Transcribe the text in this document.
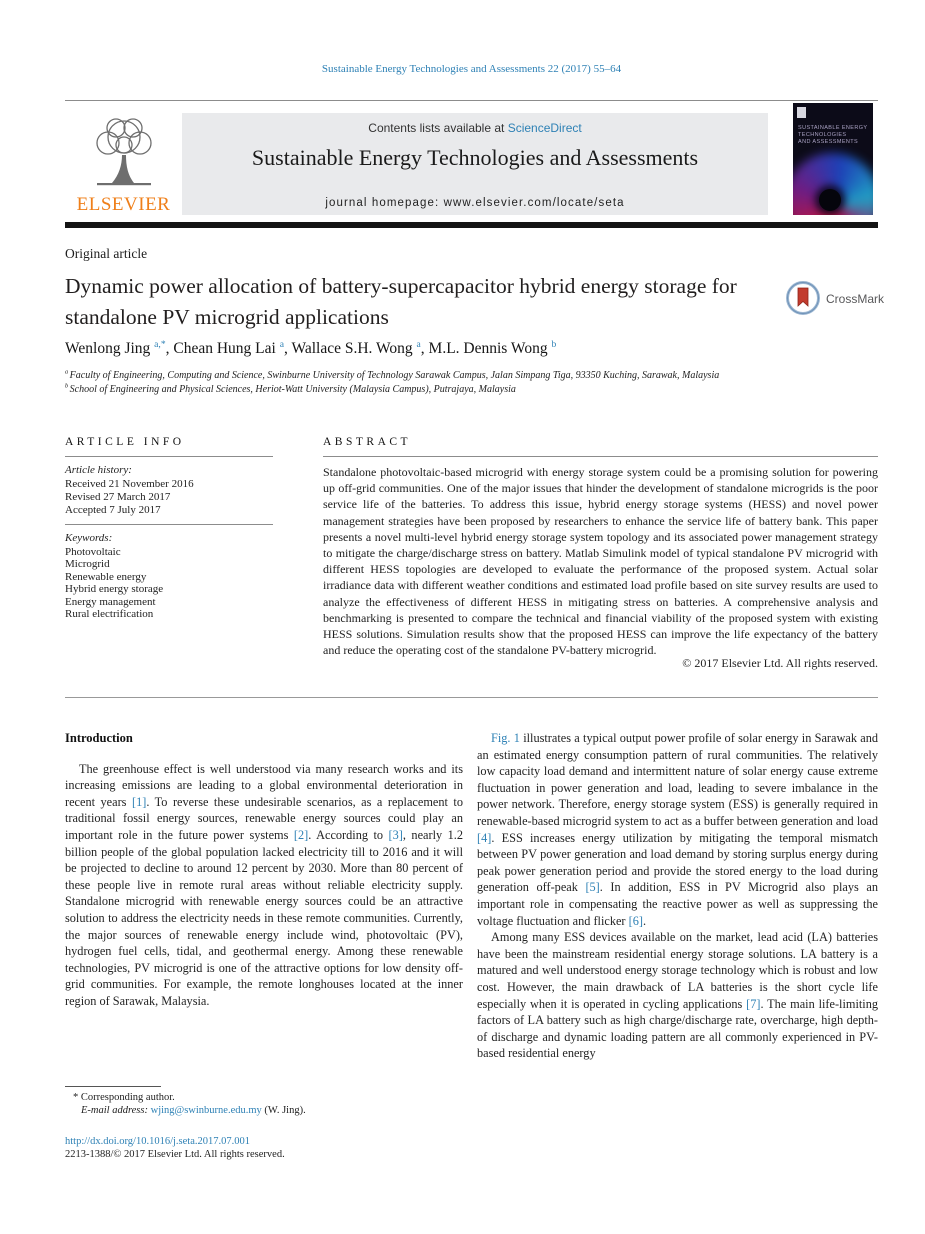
Sustainable Energy Technologies and Assessments 22 (2017) 55–64
ELSEVIER
Contents lists available at ScienceDirect
Sustainable Energy Technologies and Assessments
journal homepage: www.elsevier.com/locate/seta
SUSTAINABLE ENERGY
TECHNOLOGIES
AND ASSESSMENTS
Original article
Dynamic power allocation of battery-supercapacitor hybrid energy storage for standalone PV microgrid applications
CrossMark
Wenlong Jing $^{a,*}$, Chean Hung Lai $^a$, Wallace S.H. Wong $^a$, M.L. Dennis Wong $^b$
$^a$ Faculty of Engineering, Computing and Science, Swinburne University of Technology Sarawak Campus, Jalan Simpang Tiga, 93350 Kuching, Sarawak, Malaysia
$^b$ School of Engineering and Physical Sciences, Heriot-Watt University (Malaysia Campus), Putrajaya, Malaysia
ARTICLE INFO
Article history:
Received 21 November 2016
Revised 27 March 2017
Accepted 7 July 2017
Keywords:
Photovoltaic
Microgrid
Renewable energy
Hybrid energy storage
Energy management
Rural electrification
ABSTRACT
Standalone photovoltaic-based microgrid with energy storage system could be a promising solution for powering up off-grid communities. One of the major issues that hinder the development of standalone microgrids is the poor service life of the batteries. To address this issue, hybrid energy storage systems (HESS) and novel power management strategies have been proposed by researchers to enhance the service life of battery bank. This paper presents a novel multi-level hybrid energy storage system topology and its associated power management strategy to mitigate the charge/discharge stress on battery. Matlab Simulink model of typical standalone PV microgrid with different HESS topologies are developed to evaluate the performance of the proposed system. Actual solar irradiance data with different weather conditions and estimated load profile based on site survey results are used to analyze the effectiveness of different HESS in mitigating stress on batteries. A comprehensive analysis and benchmarking is presented to compare the technical and financial viability of the proposed system with existing HESS solutions. Simulation results show that the proposed HESS can improve the life expectancy of the battery and reduce the operating cost of the standalone PV-battery microgrid.
© 2017 Elsevier Ltd. All rights reserved.
Introduction

The greenhouse effect is well understood via many research works and its increasing emissions are leading to a global environmental deterioration in recent years [1]. To reverse these undesirable scenarios, as a replacement to traditional fossil energy sources, renewable energy sources could play an important role in the future power systems [2]. According to [3], nearly 1.2 billion people of the global population lacked electricity till to 2016 and it will be projected to decline to around 12 percent by 2030. More than 80 percent of these people live in remote rural areas without reliable electricity supply. Standalone microgrid with renewable energy sources could be an attractive solution to address the electricity needs in these remote communities. Currently, the major sources of renewable energy include wind, photovoltaic (PV), hydrogen fuel cells, tidal, and geothermal energy. Among these renewable technologies, PV microgrid is one of the attractive options for low density off-grid communities. For example, the remote longhouses located at the inner region of Sarawak, Malaysia.

Fig. 1 illustrates a typical output power profile of solar energy in Sarawak and an estimated energy consumption pattern of rural communities. The relatively low capacity load demand and intermittent nature of solar energy cause extreme fluctuation in power generation and load, leading to severe imbalance in the power network. Therefore, energy storage system (ESS) is generally required in renewable-based microgrid system to act as a buffer between generation and load [4]. ESS increases energy utilization by mitigating the temporal mismatch between PV power generation and load demand by storing surplus energy during peak power generation period and provide the stored energy to the load during generation off-peak [5]. In addition, ESS in PV Microgrid also plays an important role in compensating the reactive power as well as suppressing the voltage fluctuation and flicker [6].

Among many ESS devices available on the market, lead acid (LA) batteries have been the mainstream residential energy storage solutions. LA battery is a matured and well understood energy storage technology which is robust and low cost. However, the main drawback of LA batteries is the short cycle life especially when it is operated in cycling applications [7]. The main life-limiting factors of LA battery such as high charge/discharge rate, overcharge, high depth-of discharge and dynamic loading pattern are all commonly experienced in PV-based residential energy

* Corresponding author.
E-mail address: wjing@swinburne.edu.my (W. Jing).
http://dx.doi.org/10.1016/j.seta.2017.07.001
2213-1388/© 2017 Elsevier Ltd. All rights reserved.
